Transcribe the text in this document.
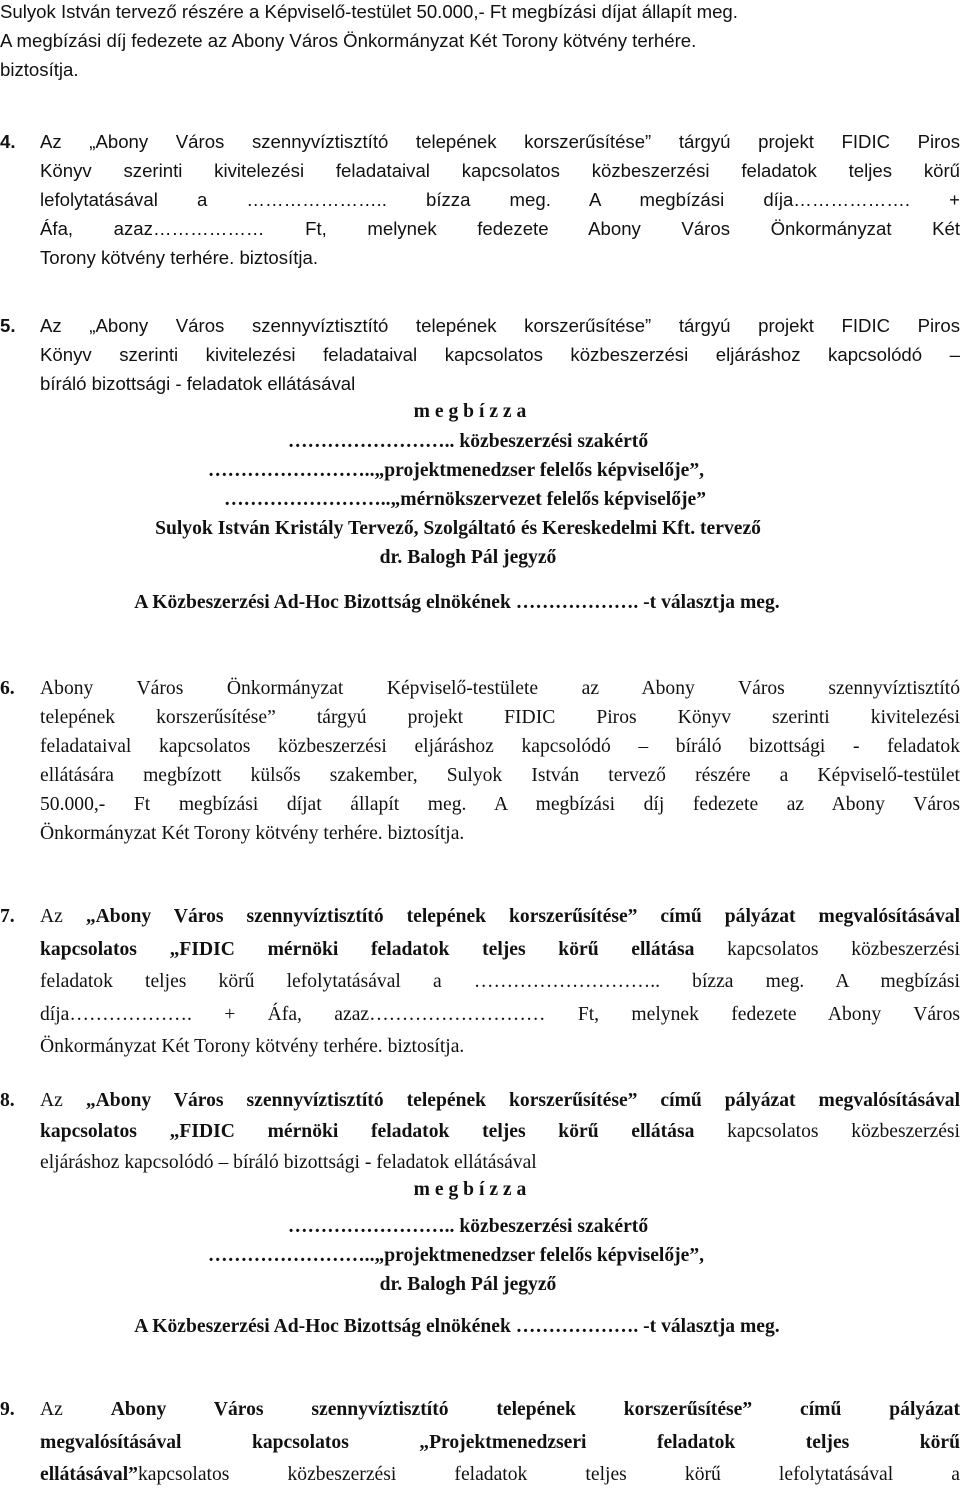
Sulyok István tervező részére a Képviselő-testület 50.000,- Ft megbízási díjat állapít meg.
A megbízási díj fedezete az Abony Város Önkormányzat Két Torony kötvény terhére.
biztosítja.
4. Az „Abony Város szennyvíztisztító telepének korszerűsítése” tárgyú projekt FIDIC Piros
Könyv szerinti kivitelezési feladataival kapcsolatos közbeszerzési feladatok teljes körű
lefolytatásával a ………………….. bízza meg. A megbízási díja………………. +
Áfa, azaz……………… Ft, melynek fedezete Abony Város Önkormányzat Két
Torony kötvény terhére. biztosítja.
5. Az „Abony Város szennyvíztisztító telepének korszerűsítése” tárgyú projekt FIDIC Piros
Könyv szerinti kivitelezési feladataival kapcsolatos közbeszerzési eljáráshoz kapcsolódó –
bíráló bizottsági - feladatok ellátásával
m e g b í z z a
…………………….. közbeszerzési szakértő
……………………..„projektmenedzser felelős képviselője”,
……………………..„mérnökszervezet felelős képviselője”
Sulyok István Kristály Tervező, Szolgáltató és Kereskedelmi Kft. tervező
dr. Balogh Pál jegyző
A Közbeszerzési Ad-Hoc Bizottság elnökének ………………. -t választja meg.
6. Abony Város Önkormányzat Képviselő-testülete az Abony Város szennyvíztisztító
telepének korszerűsítése” tárgyú projekt FIDIC Piros Könyv szerinti kivitelezési
feladataival kapcsolatos közbeszerzési eljáráshoz kapcsolódó – bíráló bizottsági - feladatok
ellátására megbízott külsős szakember, Sulyok István tervező részére a Képviselő-testület
50.000,- Ft megbízási díjat állapít meg. A megbízási díj fedezete az Abony Város
Önkormányzat Két Torony kötvény terhére. biztosítja.
7. Az „Abony Város szennyvíztisztító telepének korszerűsítése” című pályázat megvalósításával
kapcsolatos „FIDIC mérnöki feladatok teljes körű ellátása kapcsolatos közbeszerzési
feladatok teljes körű lefolytatásával a ……………………….. bízza meg. A megbízási
díja………………. + Áfa, azaz……………………… Ft, melynek fedezete Abony Város
Önkormányzat Két Torony kötvény terhére. biztosítja.
8. Az „Abony Város szennyvíztisztító telepének korszerűsítése” című pályázat megvalósításával
kapcsolatos „FIDIC mérnöki feladatok teljes körű ellátása kapcsolatos közbeszerzési
eljáráshoz kapcsolódó – bíráló bizottsági - feladatok ellátásával
m e g b í z z a
…………………….. közbeszerzési szakértő
……………………..„projektmenedzser felelős képviselője”,
dr. Balogh Pál jegyző
A Közbeszerzési Ad-Hoc Bizottság elnökének ………………. -t választja meg.
9. Az Abony Város szennyvíztisztító telepének korszerűsítése” című pályázat
megvalósításával kapcsolatos „Projektmenedzseri feladatok teljes körű
ellátásával”kapcsolatos közbeszerzési feladatok teljes körű lefolytatásával a
